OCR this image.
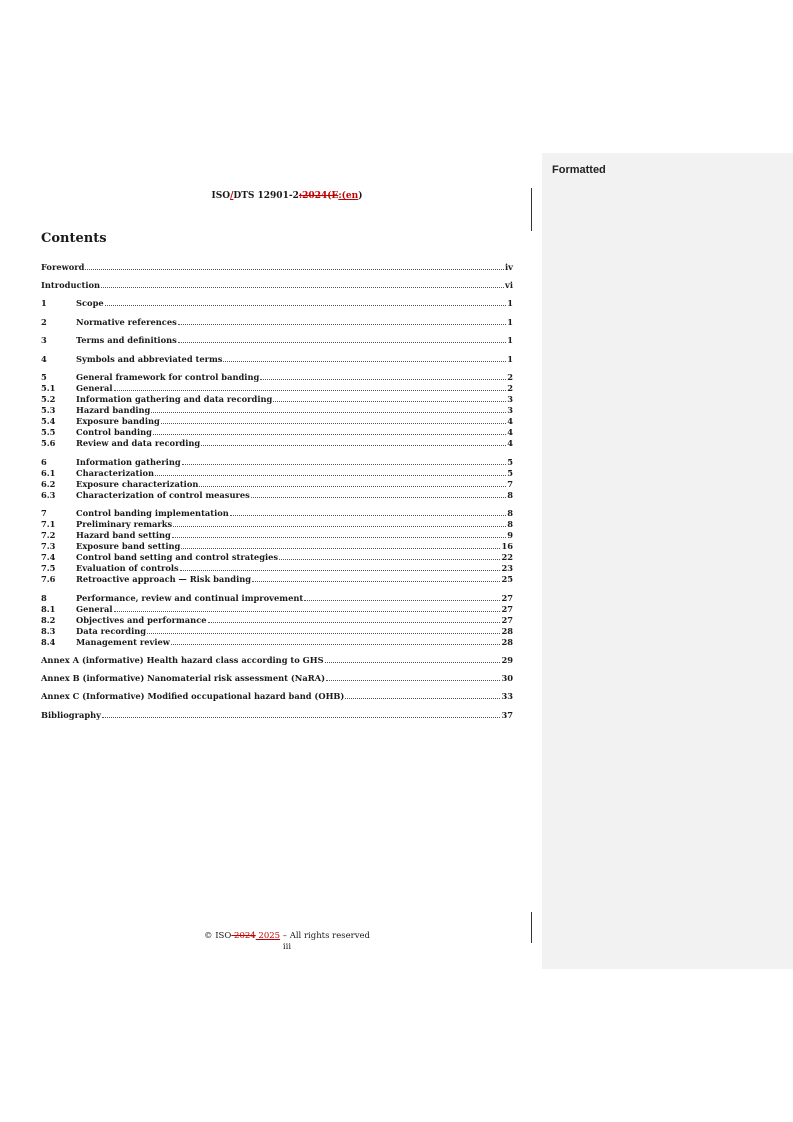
Formatted
ISO/DTS 12901-2:2024(E:(en)
Contents
Foreword	iv
Introduction	vi
1	Scope	1
2	Normative references	1
3	Terms and definitions	1
4	Symbols and abbreviated terms	1
5	General framework for control banding	2
5.1	General	2
5.2	Information gathering and data recording	3
5.3	Hazard banding	3
5.4	Exposure banding	4
5.5	Control banding	4
5.6	Review and data recording	4
6	Information gathering	5
6.1	Characterization	5
6.2	Exposure characterization	7
6.3	Characterization of control measures	8
7	Control banding implementation	8
7.1	Preliminary remarks	8
7.2	Hazard band setting	9
7.3	Exposure band setting	16
7.4	Control band setting and control strategies	22
7.5	Evaluation of controls	23
7.6	Retroactive approach — Risk banding	25
8	Performance, review and continual improvement	27
8.1	General	27
8.2	Objectives and performance	27
8.3	Data recording	28
8.4	Management review	28
Annex A (informative) Health hazard class according to GHS	29
Annex B (informative) Nanomaterial risk assessment (NaRA)	30
Annex C (Informative) Modified occupational hazard band (OHB)	33
Bibliography	37
© ISO 2024 2025 – All rights reserved
iii
